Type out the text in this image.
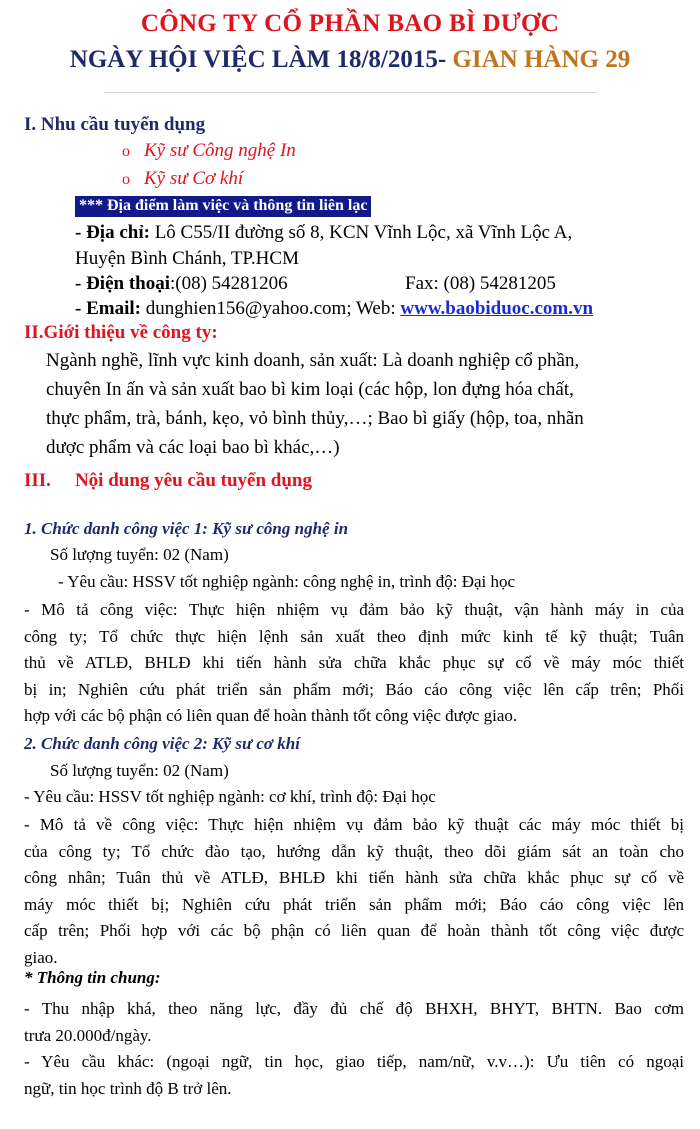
CÔNG TY CỔ PHẦN BAO BÌ DƯỢC
NGÀY HỘI VIỆC LÀM 18/8/2015- GIAN HÀNG 29
I. Nhu cầu tuyển dụng
o Kỹ sư Công nghệ In
o Kỹ sư Cơ khí
*** Địa điểm làm việc và thông tin liên lạc
- Địa chỉ: Lô C55/II đường số 8, KCN Vĩnh Lộc, xã Vĩnh Lộc A,
Huyện Bình Chánh, TP.HCM
- Điện thoại:(08) 54281206	Fax: (08) 54281205
- Email: dunghien156@yahoo.com; Web: www.baobiduoc.com.vn
II.Giới thiệu về công ty:
Ngành nghề, lĩnh vực kinh doanh, sản xuất: Là doanh nghiệp cổ phần,
chuyên In ấn và sản xuất bao bì kim loại (các hộp, lon đựng hóa chất,
thực phẩm, trà, bánh, kẹo, vỏ bình thủy,…; Bao bì giấy (hộp, toa, nhãn
dược phẩm và các loại bao bì khác,…)
III. Nội dung yêu cầu tuyển dụng
1. Chức danh công việc 1: Kỹ sư công nghệ in
Số lượng tuyển: 02 (Nam)
- Yêu cầu: HSSV tốt nghiệp ngành: công nghệ in, trình độ: Đại học
- Mô tả công việc: Thực hiện nhiệm vụ đảm bảo kỹ thuật, vận hành máy in của
công ty; Tổ chức thực hiện lệnh sản xuất theo định mức kinh tế kỹ thuật; Tuân
thủ về ATLĐ, BHLĐ khi tiến hành sửa chữa khắc phục sự cố về máy móc thiết
bị in; Nghiên cứu phát triển sản phẩm mới; Báo cáo công việc lên cấp trên; Phối
hợp với các bộ phận có liên quan để hoàn thành tốt công việc được giao.
2. Chức danh công việc 2: Kỹ sư cơ khí
Số lượng tuyển: 02 (Nam)
- Yêu cầu: HSSV tốt nghiệp ngành: cơ khí, trình độ: Đại học
- Mô tả về công việc: Thực hiện nhiệm vụ đảm bảo kỹ thuật các máy móc thiết bị
của công ty; Tổ chức đào tạo, hướng dẫn kỹ thuật, theo dõi giám sát an toàn cho
công nhân; Tuân thủ về ATLĐ, BHLĐ khi tiến hành sửa chữa khắc phục sự cố về
máy móc thiết bị; Nghiên cứu phát triển sản phẩm mới; Báo cáo công việc lên
cấp trên; Phối hợp với các bộ phận có liên quan để hoàn thành tốt công việc được
giao.
* Thông tin chung:
- Thu nhập khá, theo năng lực, đầy đủ chế độ BHXH, BHYT, BHTN. Bao cơm
trưa 20.000đ/ngày.
- Yêu cầu khác: (ngoại ngữ, tin học, giao tiếp, nam/nữ, v.v…): Ưu tiên có ngoại
ngữ, tin học trình độ B trở lên.
